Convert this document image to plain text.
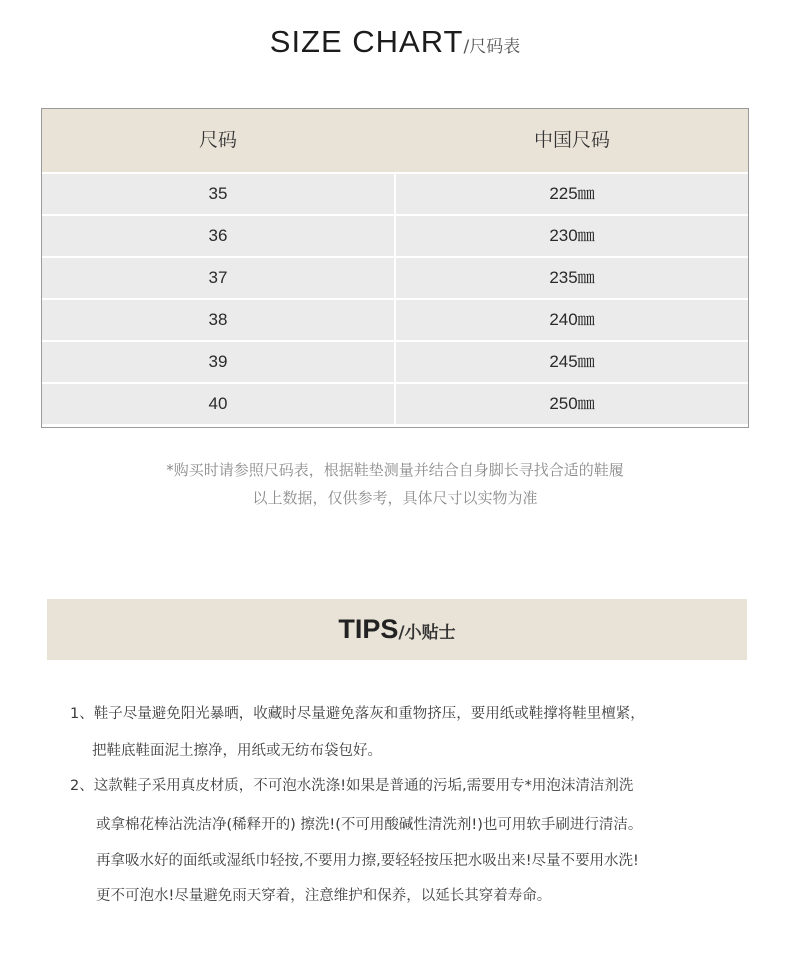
SIZE CHART/尺码表
尺码	中国尺码
35	225㎜
36	230㎜
37	235㎜
38	240㎜
39	245㎜
40	250㎜
*购买时请参照尺码表，根据鞋垫测量并结合自身脚长寻找合适的鞋履
以上数据，仅供参考，具体尺寸以实物为准
TIPS/小贴士
1、鞋子尽量避免阳光暴晒，收藏时尽量避免落灰和重物挤压，要用纸或鞋撑将鞋里檀紧，
把鞋底鞋面泥土擦净，用纸或无纺布袋包好。
2、这款鞋子采用真皮材质，不可泡水洗涤!如果是普通的污垢,需要用专*用泡沫清洁剂洗
或拿棉花棒沾洗洁净(稀释开的) 擦洗!(不可用酸碱性清洗剂!)也可用软手刷进行清洁。
再拿吸水好的面纸或湿纸巾轻按,不要用力擦,要轻轻按压把水吸出来!尽量不要用水洗!
更不可泡水!尽量避免雨天穿着，注意维护和保养，以延长其穿着寿命。
